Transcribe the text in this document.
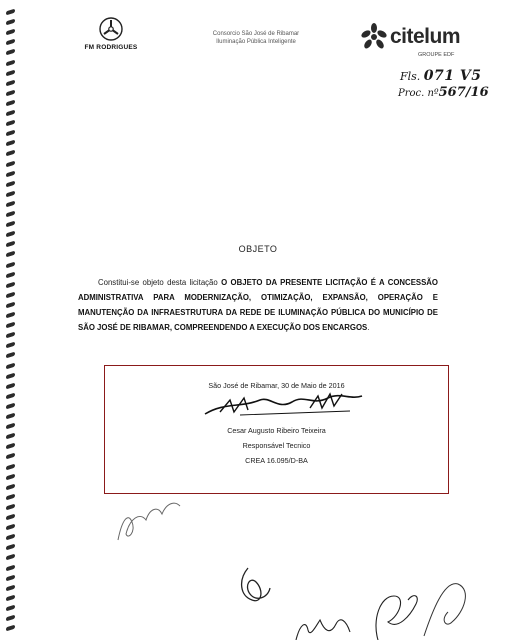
FM RODRIGUES
Consorcio São José de Ribamar
Iluminação Pública Inteligente	citelum
GROUPE EDF
Fls. 071 V5
Proc. nº567/16
OBJETO
Constitui-se objeto desta licitação O OBJETO DA PRESENTE LICITAÇÃO É A CONCESSÃO ADMINISTRATIVA PARA MODERNIZAÇÃO, OTIMIZAÇÃO, EXPANSÃO, OPERAÇÃO E MANUTENÇÃO DA INFRAESTRUTURA DA REDE DE ILUMINAÇÃO PÚBLICA DO MUNICÍPIO DE SÃO JOSÉ DE RIBAMAR, COMPREENDENDO A EXECUÇÃO DOS ENCARGOS.
São José de Ribamar, 30 de Maio de 2016
Cesar Augusto Ribeiro Teixeira
Responsável Tecnico
CREA 16.095/D-BA
